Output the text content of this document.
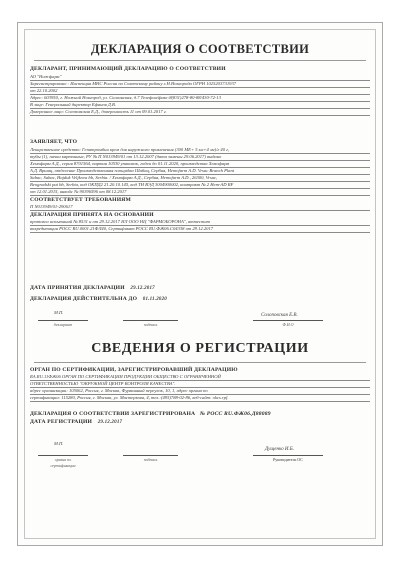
ДЕКЛАРАЦИЯ О СООТВЕТСТВИИ
ДЕКЛАРАНТ, ПРИНИМАЮЩИЙ ДЕКЛАРАЦИЮ О СООТВЕТСТВИИ
АО "Нижфарм"
Зарегистрировано : Инспекция МНС России по Советскому району г.Н.Новгорода ОГРН 1025203731937
от 22.10.2002
Адрес: 603950, г. Нижний Новгород, ул. Салганская, д.7 Телефон/факс:8(831)278-80-88/430-72-13
В лице: Генеральный директор Ефанов Д.В.
Доверенное лицо: Солоповская Е.Д., доверенность 11 от 09.01.2017 г.
ЗАЯВЛЯЕТ, ЧТО
Лекарственное средство: Гепатромбин крем для наружного применения (300 МЕ+ 5 мг+4 мг)/г 40 г,
тубы (1), пачки картонные, РУ № П N013949/01 от 13.12.2007 (дата замены 29.06.2017) выдано
Хемофарм А.Д., серия 8701564, партия 10530 упаковок, годен до 01.11.2020, производства Хемофарм
А.Д. Вршац, отделение Производственная площадка Шабац, Сербия, Hemofarm A.D. Vrsac Branch Plant
Sabac, Sabac, Hajduk Veljkova bb, Serbia. / Хемофарм А.Д., Сербия, Hemofarm A.D., 26300, Vrsac,
Beogradski put bb, Serbia, код ОКПД2 21.20.10.145, код ТН ВЭД 3004900002, контракт № 2 Hem-AD RF
от 12.01.2015, инвойс № 90396596 от 08.12.2017
СООТВЕТСТВУЕТ ТРЕБОВАНИЯМ
П N013949/01-290617
ДЕКЛАРАЦИЯ ПРИНЯТА НА ОСНОВАНИИ
протокол испытаний № 8531 н от 29.12.2017 ИЛ ООО НЦ "ФАРМОБОРОНА", аттестат
аккредитации РОСС RU.0001.21ФЛ40, Сертификат РОСС RU.ФЖ06.С04338 от 29.12.2017
ДАТА ПРИНЯТИЯ ДЕКЛАРАЦИИ 29.12.2017
ДЕКЛАРАЦИЯ ДЕЙСТВИТЕЛЬНА ДО 01.11.2020
М.П.
Солоповская Е.В.
декларант	подпись	Ф.И.О
СВЕДЕНИЯ О РЕГИСТРАЦИИ
ОРГАН ПО СЕРТИФИКАЦИИ, ЗАРЕГИСТРИРОВАВШИЙ ДЕКЛАРАЦИЮ
RA.RU.11ФЖ06 ОРГАН ПО СЕРТИФИКАЦИИ ПРОДУКЦИИ ОБЩЕСТВО С ОГРАНИЧЕННОЙ
ОТВЕТСТВЕННОСТЬЮ "ОКРУЖНОЙ ЦЕНТР КОНТРОЛЯ КАЧЕСТВА".
адрес организации: 105062, Россия, г. Москва, Фурманный переулок, 10, 1, адрес органа по
сертификации: 115280, Россия, г. Москва, ул. Мастеркова, 4, тел.:(495)788-02-86, веб-сайт: okcs.rpf.
ДЕКЛАРАЦИЯ О СООТВЕТСТВИИ ЗАРЕГИСТРИРОВАНА № РОСС RU.ФЖ06.Д88089
ДАТА РЕГИСТРАЦИИ 29.12.2017
М.П.
Дущенко И.Б.
органа по
сертификации
подпись	Руководитель ОС
